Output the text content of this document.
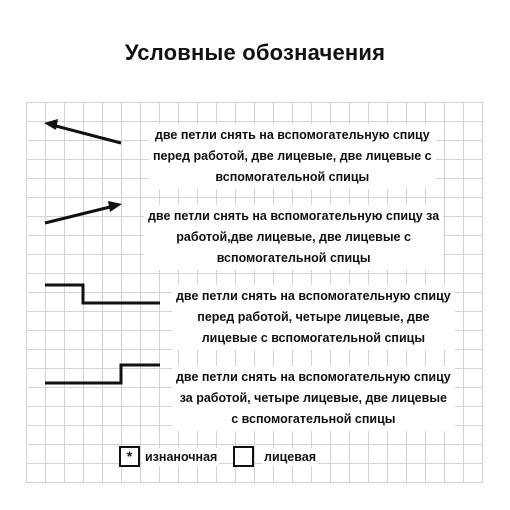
Условные обозначения
две петли снять на вспомогательную спицу
перед работой, две лицевые, две лицевые с
вспомогательной спицы
две петли снять на вспомогательную спицу за
работой,две лицевые, две лицевые с
вспомогательной спицы
две петли снять на вспомогательную спицу
перед работой, четыре лицевые, две
лицевые с вспомогательной спицы
две петли снять на вспомогательную спицу
за работой, четыре лицевые, две лицевые
с вспомогательной спицы
*	изнаночная	лицевая
